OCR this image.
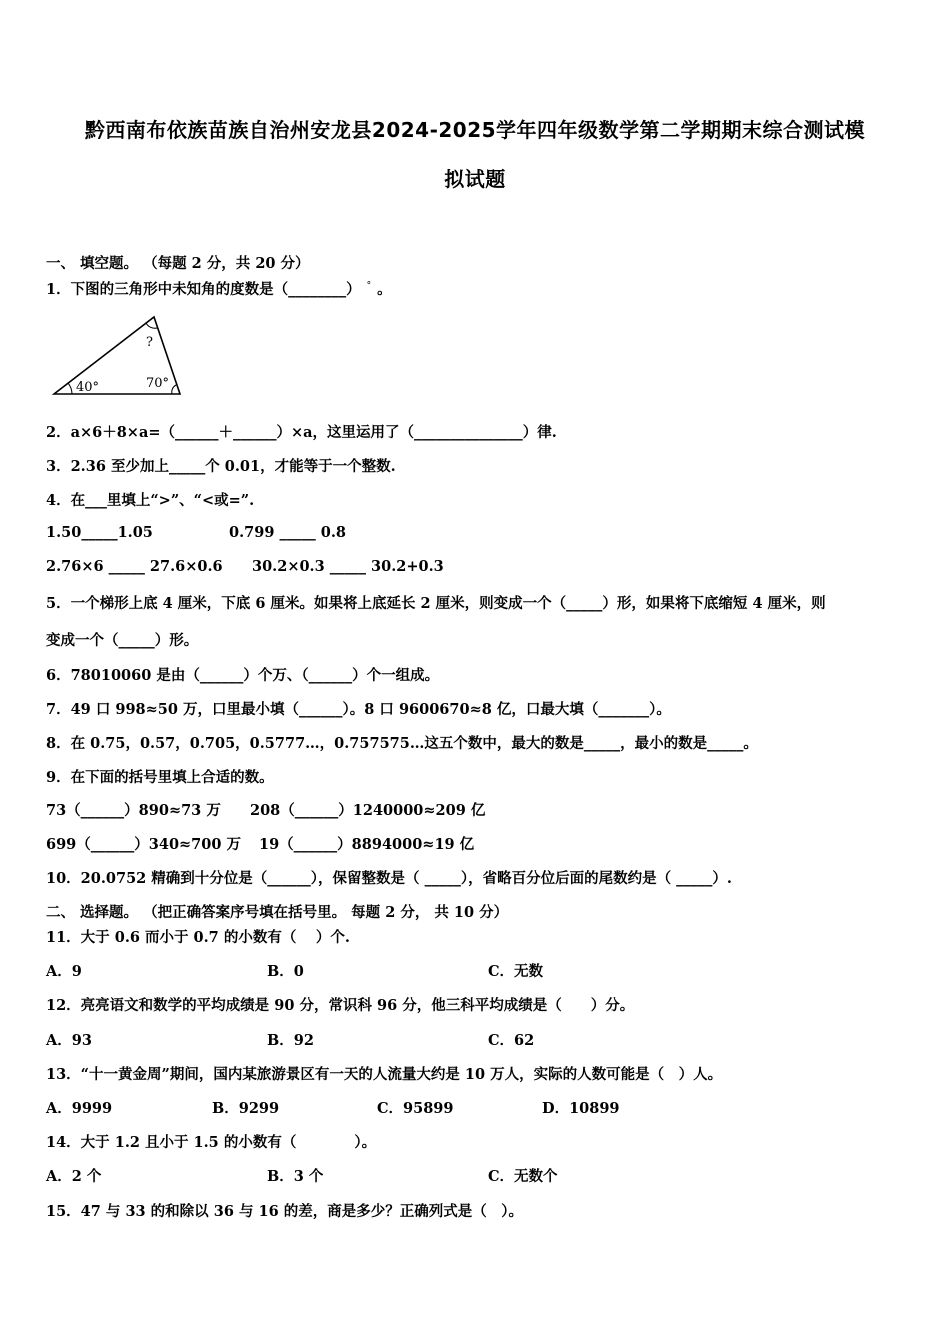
黔西南布依族苗族自治州安龙县2024-2025学年四年级数学第二学期期末综合测试模
拟试题
一、 填空题。 （每题 2 分，共 20 分）
1．下图的三角形中未知角的度数是（________） ° 。
40°	70°
?
2．a×6＋8×a=（______＋______）×a，这里运用了（_______________）律.
3．2.36 至少加上_____个 0.01，才能等于一个整数.
4．在___里填上“>”、“<或=”.
1.50_____1.05	0.799 _____ 0.8
2.76×6 _____ 27.6×0.6 30.2×0.3 _____ 30.2+0.3
5．一个梯形上底 4 厘米，下底 6 厘米。如果将上底延长 2 厘米，则变成一个（_____）形，如果将下底缩短 4 厘米，则
变成一个（_____）形。
6．78010060 是由（______）个万、（______）个一组成。
7．49 口 998≈50 万，口里最小填（______）。8 口 9600670≈8 亿，口最大填（_______）。
8．在 0.75，0.57，0.705，0.5777…，0.757575…这五个数中，最大的数是_____，最小的数是_____。
9．在下面的括号里填上合适的数。
73（______）890≈73 万 208（______）1240000≈209 亿
699（______）340≈700 万 19（______）8894000≈19 亿
10．20.0752 精确到十分位是（______），保留整数是（ _____），省略百分位后面的尾数约是（ _____）.
二、 选择题。 （把正确答案序号填在括号里。 每题 2 分， 共 10 分）
11．大于 0.6 而小于 0.7 的小数有（　 ）个.
A．9	B．0	C．无数
12．亮亮语文和数学的平均成绩是 90 分，常识科 96 分，他三科平均成绩是（　　）分。
A．93	B．92	C．62
13．“十一黄金周”期间，国内某旅游景区有一天的人流量大约是 10 万人，实际的人数可能是（　）人。
A．9999	B．9299	C．95899	D．10899
14．大于 1.2 且小于 1.5 的小数有（　　　　）。
A．2 个	B．3 个	C．无数个
15．47 与 33 的和除以 36 与 16 的差，商是多少？正确列式是（　）。
